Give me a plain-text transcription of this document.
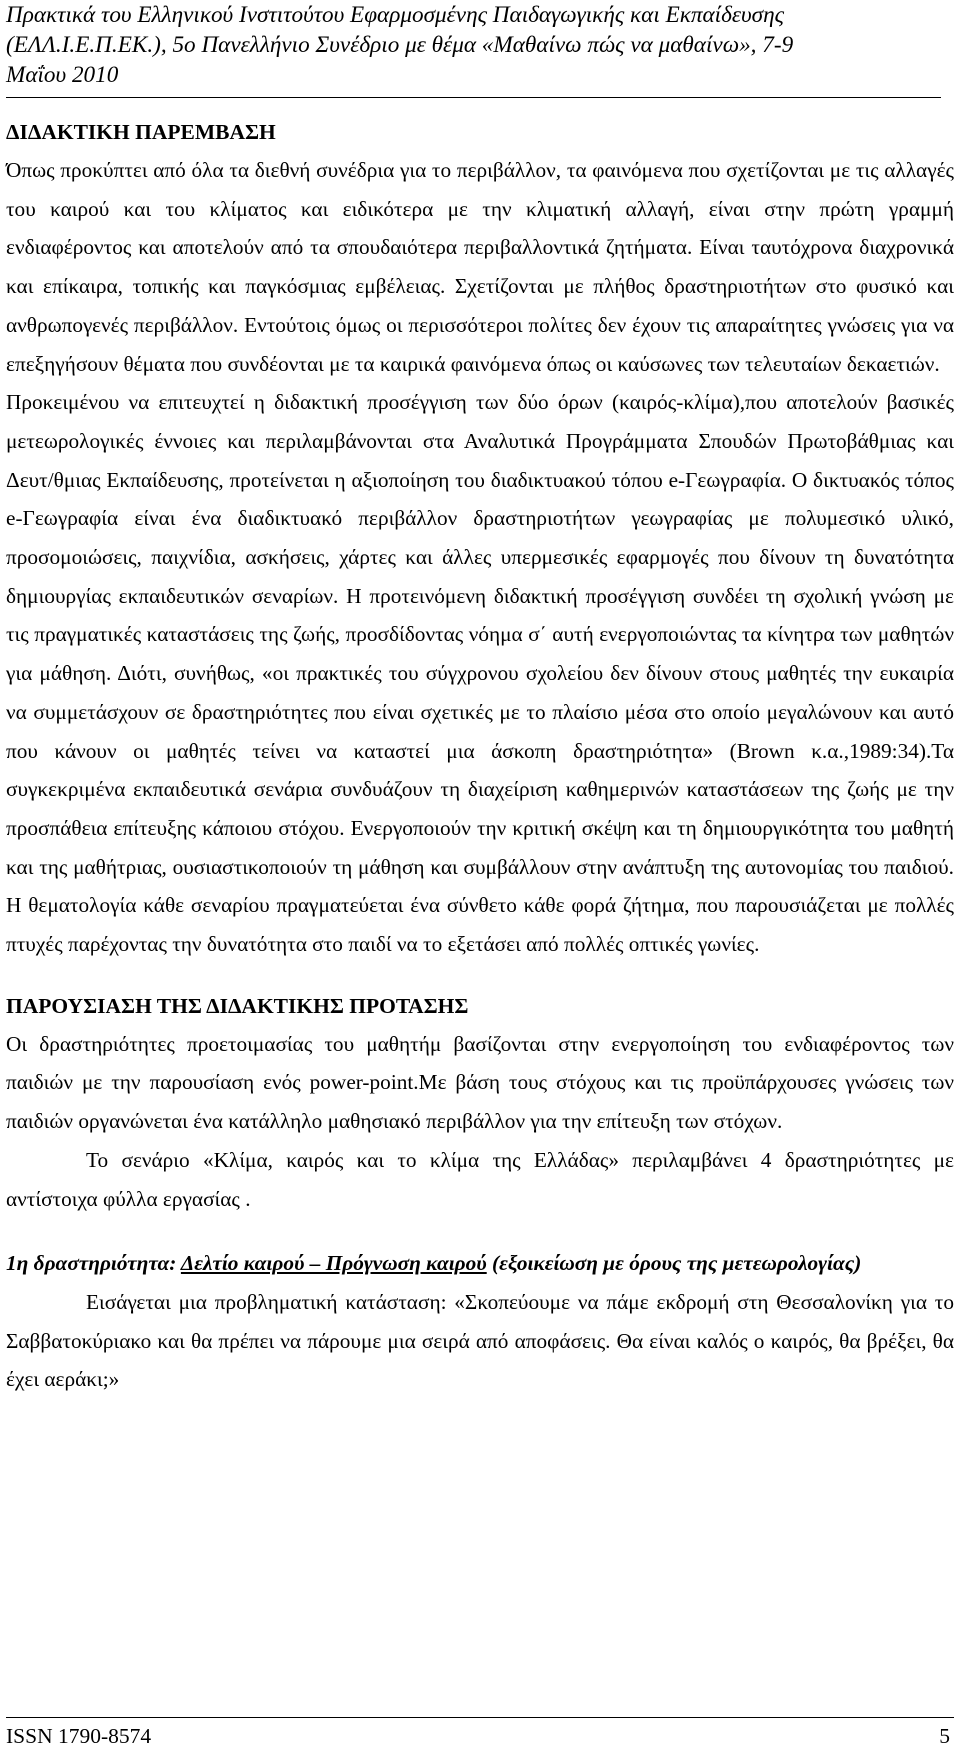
Πρακτικά του Ελληνικού Ινστιτούτου Εφαρμοσμένης Παιδαγωγικής και Εκπαίδευσης
(ΕΛΛ.Ι.Ε.Π.ΕΚ.), 5ο Πανελλήνιο Συνέδριο με θέμα «Μαθαίνω πώς να μαθαίνω», 7-9
Μαΐου 2010
ΔΙΔΑΚΤΙΚΗ ΠΑΡΕΜΒΑΣΗ

Όπως προκύπτει από όλα τα διεθνή συνέδρια για το περιβάλλον, τα φαινόμενα που σχετίζονται με τις αλλαγές του καιρού και του κλίματος και ειδικότερα με την κλιματική αλλαγή, είναι στην πρώτη γραμμή ενδιαφέροντος και αποτελούν από τα σπουδαιότερα περιβαλλοντικά ζητήματα. Είναι ταυτόχρονα διαχρονικά και επίκαιρα, τοπικής και παγκόσμιας εμβέλειας. Σχετίζονται με πλήθος δραστηριοτήτων στο φυσικό και ανθρωπογενές περιβάλλον. Εντούτοις όμως οι περισσότεροι πολίτες δεν έχουν τις απαραίτητες γνώσεις για να επεξηγήσουν θέματα που συνδέονται με τα καιρικά φαινόμενα όπως οι καύσωνες των τελευταίων δεκαετιών.

Προκειμένου να επιτευχτεί η διδακτική προσέγγιση των δύο όρων (καιρός-κλίμα),που αποτελούν βασικές μετεωρολογικές έννοιες και περιλαμβάνονται στα Αναλυτικά Προγράμματα Σπουδών Πρωτοβάθμιας και Δευτ/θμιας Εκπαίδευσης, προτείνεται η αξιοποίηση του διαδικτυακού τόπου e-Γεωγραφία. Ο δικτυακός τόπος e-Γεωγραφία είναι ένα διαδικτυακό περιβάλλον δραστηριοτήτων γεωγραφίας με πολυμεσικό υλικό, προσομοιώσεις, παιχνίδια, ασκήσεις, χάρτες και άλλες υπερμεσικές εφαρμογές που δίνουν τη δυνατότητα δημιουργίας εκπαιδευτικών σεναρίων. Η προτεινόμενη διδακτική προσέγγιση συνδέει τη σχολική γνώση με τις πραγματικές καταστάσεις της ζωής, προσδίδοντας νόημα σ΄ αυτή ενεργοποιώντας τα κίνητρα των μαθητών για μάθηση. Διότι, συνήθως, «οι πρακτικές του σύγχρονου σχολείου δεν δίνουν στους μαθητές την ευκαιρία να συμμετάσχουν σε δραστηριότητες που είναι σχετικές με το πλαίσιο μέσα στο οποίο μεγαλώνουν και αυτό που κάνουν οι μαθητές τείνει να καταστεί μια άσκοπη δραστηριότητα» (Brown κ.α.,1989:34).Τα συγκεκριμένα εκπαιδευτικά σενάρια συνδυάζουν τη διαχείριση καθημερινών καταστάσεων της ζωής με την προσπάθεια επίτευξης κάποιου στόχου. Ενεργοποιούν την κριτική σκέψη και τη δημιουργικότητα του μαθητή και της μαθήτριας, ουσιαστικοποιούν τη μάθηση και συμβάλλουν στην ανάπτυξη της αυτονομίας του παιδιού. Η θεματολογία κάθε σεναρίου πραγματεύεται ένα σύνθετο κάθε φορά ζήτημα, που παρουσιάζεται με πολλές πτυχές παρέχοντας την δυνατότητα στο παιδί να το εξετάσει από πολλές οπτικές γωνίες.

ΠΑΡΟΥΣΙΑΣΗ ΤΗΣ ΔΙΔΑΚΤΙΚΗΣ ΠΡΟΤΑΣΗΣ

Οι δραστηριότητες προετοιμασίας του μαθητήμ βασίζονται στην ενεργοποίηση του ενδιαφέροντος των παιδιών με την παρουσίαση ενός power-point.Με βάση τους στόχους και τις προϋπάρχουσες γνώσεις των παιδιών οργανώνεται ένα κατάλληλο μαθησιακό περιβάλλον για την επίτευξη των στόχων.

Το σενάριο «Κλίμα, καιρός και το κλίμα της Ελλάδας» περιλαμβάνει 4 δραστηριότητες με αντίστοιχα φύλλα εργασίας .

1η δραστηριότητα: Δελτίο καιρού – Πρόγνωση καιρού (εξοικείωση με όρους της μετεωρολογίας)

Εισάγεται μια προβληματική κατάσταση: «Σκοπεύουμε να πάμε εκδρομή στη Θεσσαλονίκη για το Σαββατοκύριακο και θα πρέπει να πάρουμε μια σειρά από αποφάσεις. Θα είναι καλός ο καιρός, θα βρέξει, θα έχει αεράκι;»

ISSN 1790-8574	5
